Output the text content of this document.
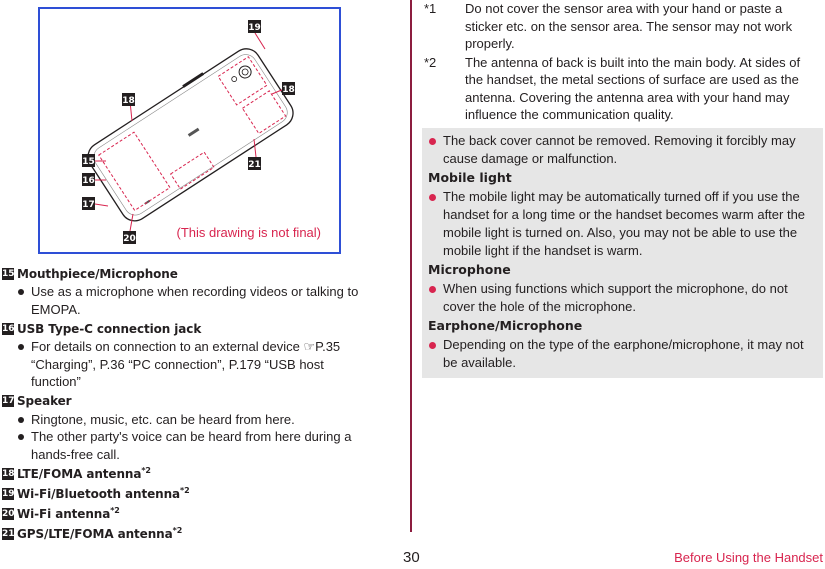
18
19
18
21
15
16
17
20	(This drawing is not final)
15 Mouthpiece/Microphone
Use as a microphone when recording videos or talking to
EMOPA.
16 USB Type-C connection jack
For details on connection to an external device ☞P.35
“Charging”, P.36 “PC connection”, P.179 “USB host
function”
17 Speaker
Ringtone, music, etc. can be heard from here.
The other party's voice can be heard from here during a
hands-free call.
18 LTE/FOMA antenna$^{*2}$
19 Wi-Fi/Bluetooth antenna$^{*2}$
20 Wi-Fi antenna$^{*2}$
21 GPS/LTE/FOMA antenna$^{*2}$
*1 Do not cover the sensor area with your hand or paste a
sticker etc. on the sensor area. The sensor may not work
properly.
*2 The antenna of back is built into the main body. At sides of
the handset, the metal sections of surface are used as the
antenna. Covering the antenna area with your hand may
influence the communication quality.
The back cover cannot be removed. Removing it forcibly may
cause damage or malfunction.
Mobile light
The mobile light may be automatically turned off if you use the
handset for a long time or the handset becomes warm after the
mobile light is turned on. Also, you may not be able to use the
mobile light if the handset is warm.
Microphone
When using functions which support the microphone, do not
cover the hole of the microphone.
Earphone/Microphone
Depending on the type of the earphone/microphone, it may not
be available.
30	Before Using the Handset
